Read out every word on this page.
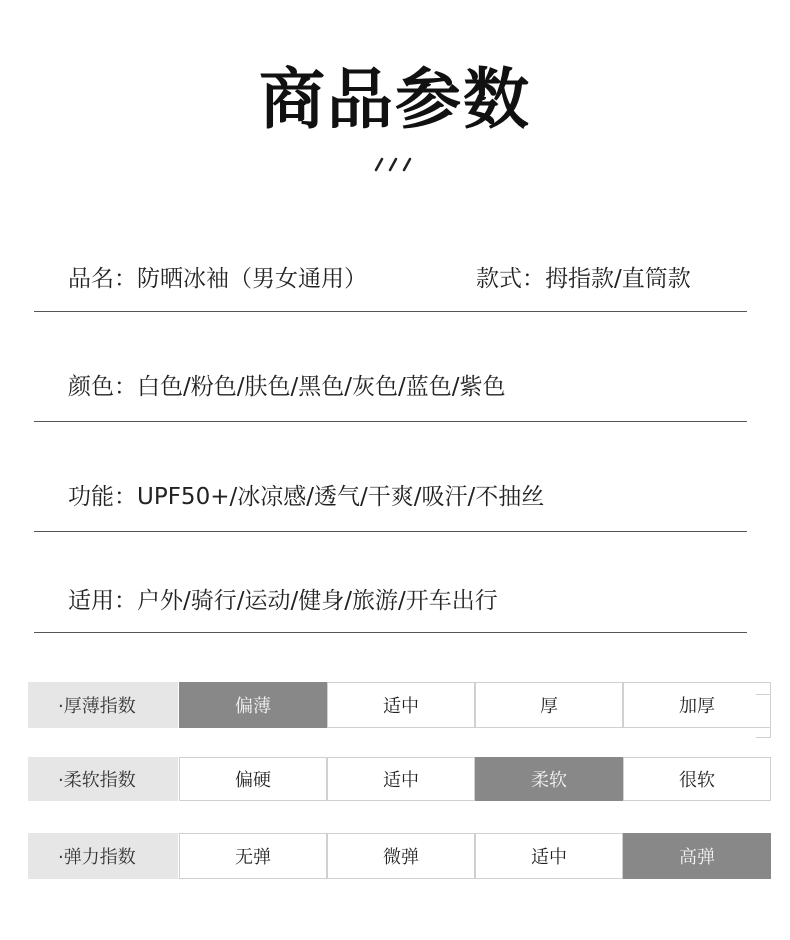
商品参数
品名：防晒冰袖（男女通用）	款式：拇指款/直筒款
颜色：白色/粉色/肤色/黑色/灰色/蓝色/紫色
功能：UPF50+/冰凉感/透气/干爽/吸汗/不抽丝
适用：户外/骑行/运动/健身/旅游/开车出行
·厚薄指数	偏薄	适中	厚	加厚
·柔软指数	偏硬	适中	柔软	很软
·弹力指数	无弹	微弹	适中	高弹
